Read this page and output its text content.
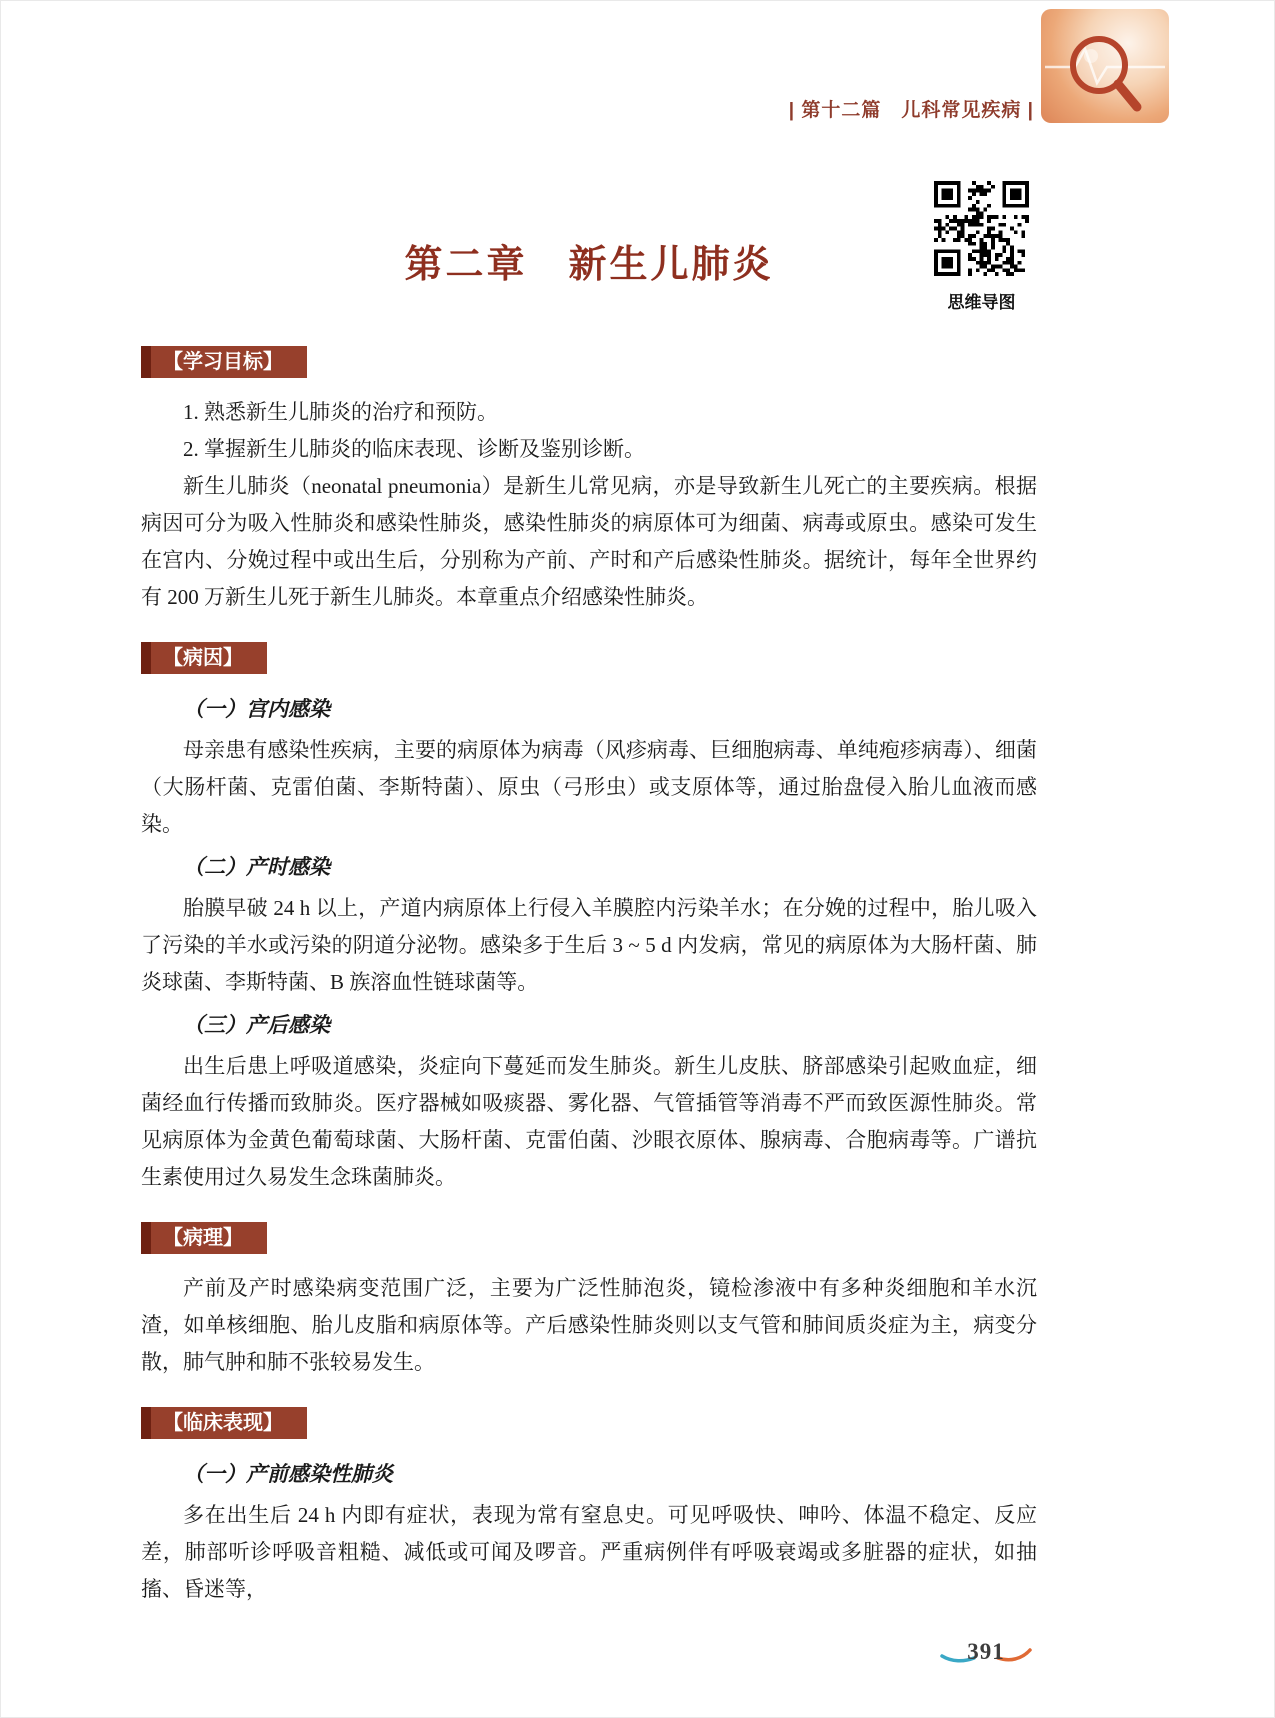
| 第十二篇　儿科常见疾病 |
思维导图
第二章　新生儿肺炎
【学习目标】

1. 熟悉新生儿肺炎的治疗和预防。

2. 掌握新生儿肺炎的临床表现、诊断及鉴别诊断。

新生儿肺炎（neonatal pneumonia）是新生儿常见病，亦是导致新生儿死亡的主要疾病。根据病因可分为吸入性肺炎和感染性肺炎，感染性肺炎的病原体可为细菌、病毒或原虫。感染可发生在宫内、分娩过程中或出生后，分别称为产前、产时和产后感染性肺炎。据统计，每年全世界约有 200 万新生儿死于新生儿肺炎。本章重点介绍感染性肺炎。

【病因】

（一）宫内感染

母亲患有感染性疾病，主要的病原体为病毒（风疹病毒、巨细胞病毒、单纯疱疹病毒）、细菌（大肠杆菌、克雷伯菌、李斯特菌）、原虫（弓形虫）或支原体等，通过胎盘侵入胎儿血液而感染。

（二）产时感染

胎膜早破 24 h 以上，产道内病原体上行侵入羊膜腔内污染羊水；在分娩的过程中，胎儿吸入了污染的羊水或污染的阴道分泌物。感染多于生后 3 ~ 5 d 内发病，常见的病原体为大肠杆菌、肺炎球菌、李斯特菌、B 族溶血性链球菌等。

（三）产后感染

出生后患上呼吸道感染，炎症向下蔓延而发生肺炎。新生儿皮肤、脐部感染引起败血症，细菌经血行传播而致肺炎。医疗器械如吸痰器、雾化器、气管插管等消毒不严而致医源性肺炎。常见病原体为金黄色葡萄球菌、大肠杆菌、克雷伯菌、沙眼衣原体、腺病毒、合胞病毒等。广谱抗生素使用过久易发生念珠菌肺炎。

【病理】

产前及产时感染病变范围广泛，主要为广泛性肺泡炎，镜检渗液中有多种炎细胞和羊水沉渣，如单核细胞、胎儿皮脂和病原体等。产后感染性肺炎则以支气管和肺间质炎症为主，病变分散，肺气肿和肺不张较易发生。

【临床表现】

（一）产前感染性肺炎

多在出生后 24 h 内即有症状，表现为常有窒息史。可见呼吸快、呻吟、体温不稳定、反应差，肺部听诊呼吸音粗糙、减低或可闻及啰音。严重病例伴有呼吸衰竭或多脏器的症状，如抽搐、昏迷等，

391
